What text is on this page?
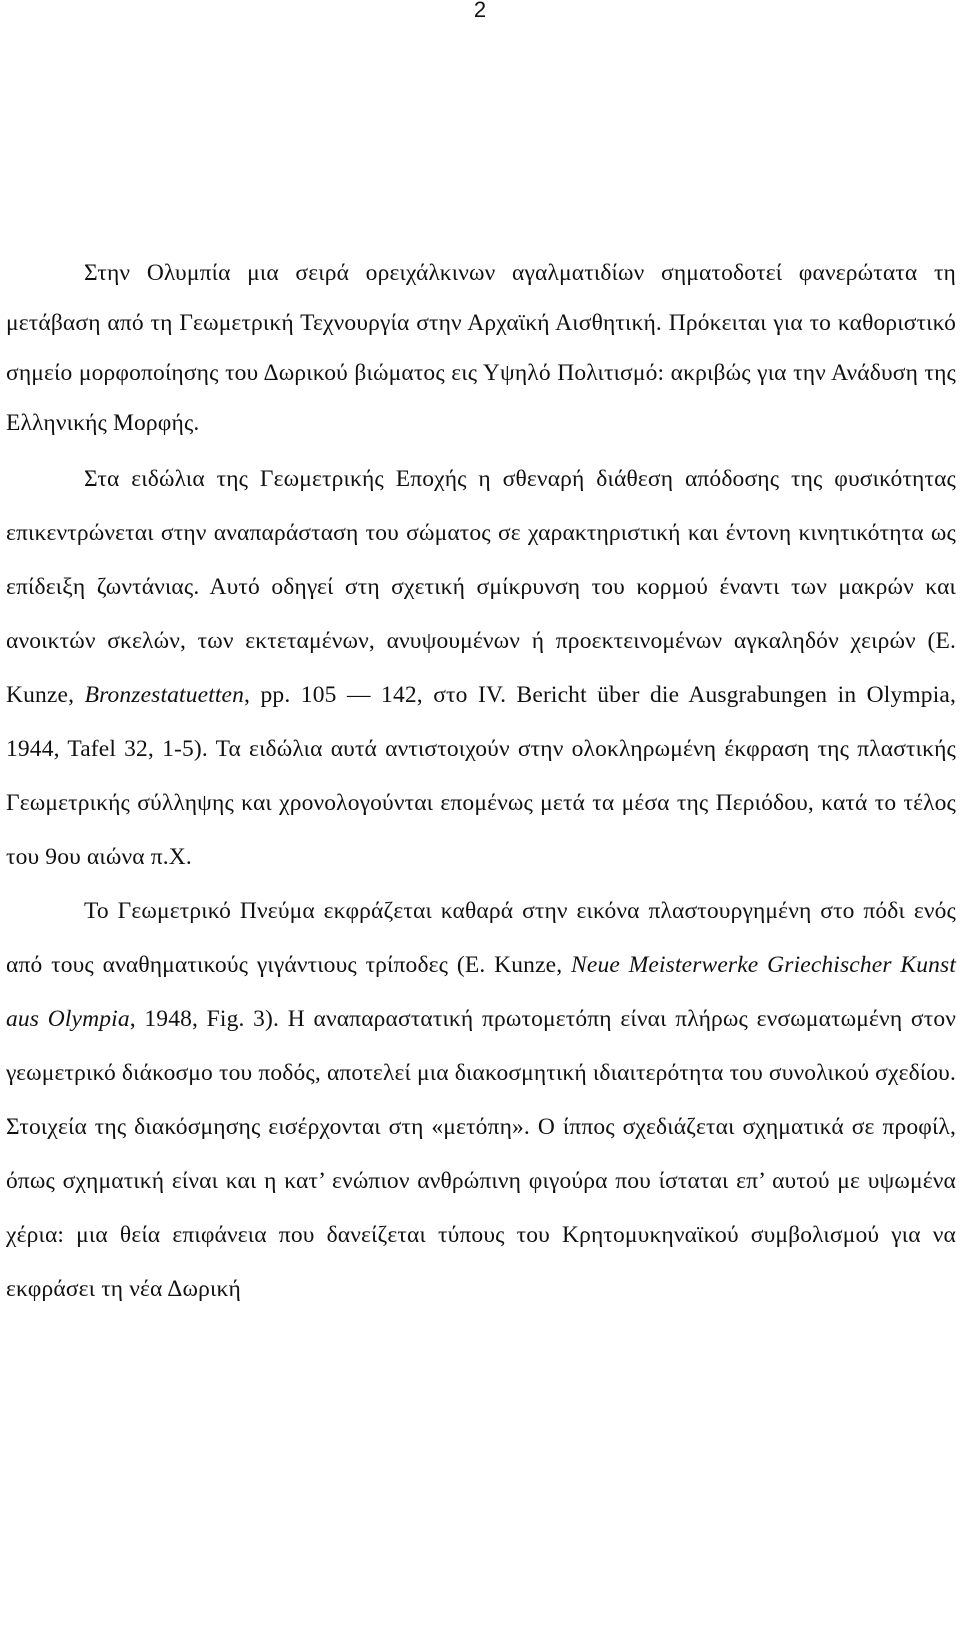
2

Στην Ολυμπία μια σειρά ορειχάλκινων αγαλματιδίων σηματοδοτεί φανερώτατα τη μετάβαση από τη Γεωμετρική Τεχνουργία στην Αρχαϊκή Αισθητική. Πρόκειται για το καθοριστικό σημείο μορφοποίησης του Δωρικού βιώματος εις Υψηλό Πολιτισμό: ακριβώς για την Ανάδυση της Ελληνικής Μορφής.

Στα ειδώλια της Γεωμετρικής Εποχής η σθεναρή διάθεση απόδοσης της φυσικότητας επικεντρώνεται στην αναπαράσταση του σώματος σε χαρακτηριστική και έντονη κινητικότητα ως επίδειξη ζωντάνιας. Αυτό οδηγεί στη σχετική σμίκρυνση του κορμού έναντι των μακρών και ανοικτών σκελών, των εκτεταμένων, ανυψουμένων ή προεκτεινομένων αγκαληδόν χειρών (E. Kunze, Bronzestatuetten, pp. 105 — 142, στο IV. Bericht über die Ausgrabungen in Olympia, 1944, Tafel 32, 1-5). Τα ειδώλια αυτά αντιστοιχούν στην ολοκληρωμένη έκφραση της πλαστικής Γεωμετρικής σύλληψης και χρονολογούνται επομένως μετά τα μέσα της Περιόδου, κατά το τέλος του 9ου αιώνα π.Χ.

Το Γεωμετρικό Πνεύμα εκφράζεται καθαρά στην εικόνα πλαστουργημένη στο πόδι ενός από τους αναθηματικούς γιγάντιους τρίποδες (E. Kunze, Neue Meisterwerke Griechischer Kunst aus Olympia, 1948, Fig. 3). Η αναπαραστατική πρωτομετόπη είναι πλήρως ενσωματωμένη στον γεωμετρικό διάκοσμο του ποδός, αποτελεί μια διακοσμητική ιδιαιτερότητα του συνολικού σχεδίου. Στοιχεία της διακόσμησης εισέρχονται στη «μετόπη». Ο ίππος σχεδιάζεται σχηματικά σε προφίλ, όπως σχηματική είναι και η κατ’ ενώπιον ανθρώπινη φιγούρα που ίσταται επ’ αυτού με υψωμένα χέρια: μια θεία επιφάνεια που δανείζεται τύπους του Κρητομυκηναϊκού συμβολισμού για να εκφράσει τη νέα Δωρική
